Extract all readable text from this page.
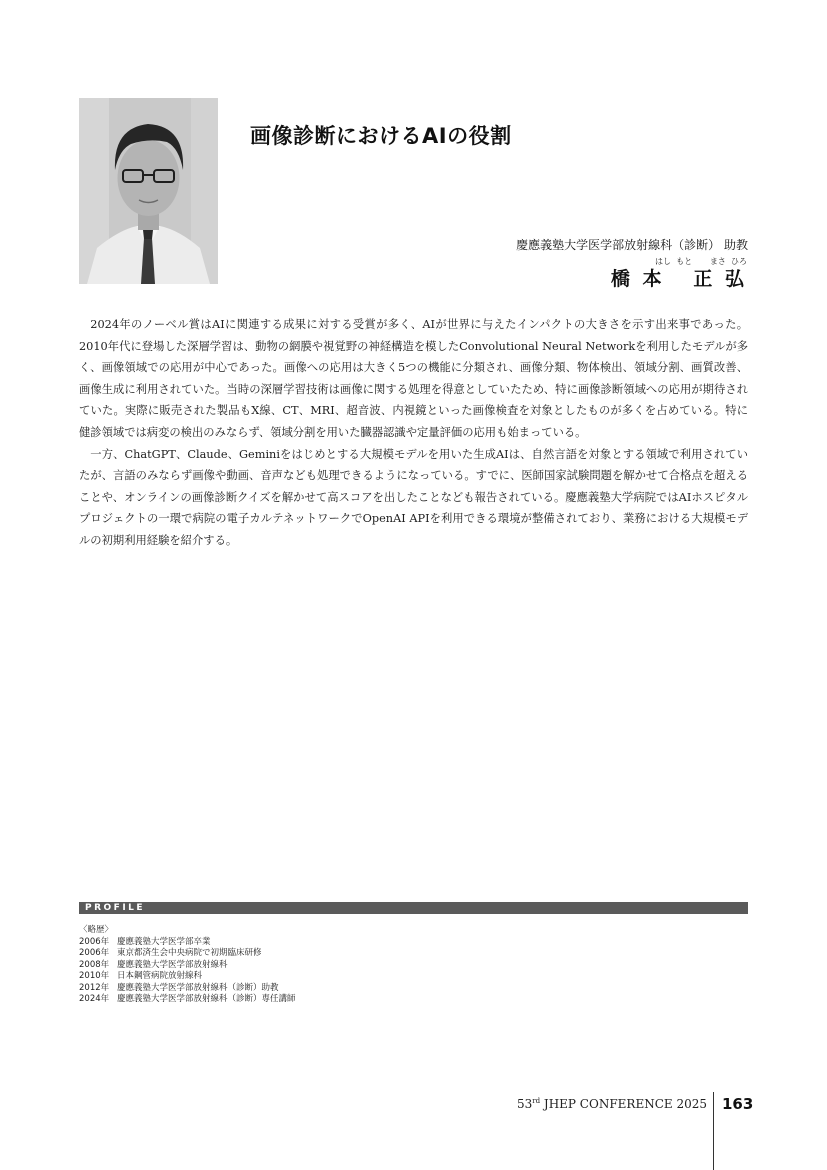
画像診断におけるAIの役割
慶應義塾大学医学部放射線科（診断） 助教
はし  もと       まさ  ひろ
橋 本   正 弘

2024年のノーベル賞はAIに関連する成果に対する受賞が多く、AIが世界に与えたインパクトの大きさを示す出来事であった。2010年代に登場した深層学習は、動物の網膜や視覚野の神経構造を模したConvolutional Neural Networkを利用したモデルが多く、画像領域での応用が中心であった。画像への応用は大きく5つの機能に分類され、画像分類、物体検出、領域分割、画質改善、画像生成に利用されていた。当時の深層学習技術は画像に関する処理を得意としていたため、特に画像診断領域への応用が期待されていた。実際に販売された製品もX線、CT、MRI、超音波、内視鏡といった画像検査を対象としたものが多くを占めている。特に健診領域では病変の検出のみならず、領域分割を用いた臓器認識や定量評価の応用も始まっている。

一方、ChatGPT、Claude、Geminiをはじめとする大規模モデルを用いた生成AIは、自然言語を対象とする領域で利用されていたが、言語のみならず画像や動画、音声なども処理できるようになっている。すでに、医師国家試験問題を解かせて合格点を超えることや、オンラインの画像診断クイズを解かせて高スコアを出したことなども報告されている。慶應義塾大学病院ではAIホスピタルプロジェクトの一環で病院の電子カルテネットワークでOpenAI APIを利用できる環境が整備されており、業務における大規模モデルの初期利用経験を紹介する。

PROFILE
〈略歴〉
2006年 慶應義塾大学医学部卒業
2006年 東京都済生会中央病院で初期臨床研修
2008年 慶應義塾大学医学部放射線科
2010年 日本鋼管病院放射線科
2012年 慶應義塾大学医学部放射線科（診断）助教
2024年 慶應義塾大学医学部放射線科（診断）専任講師
53rd JHEP CONFERENCE 2025 163
